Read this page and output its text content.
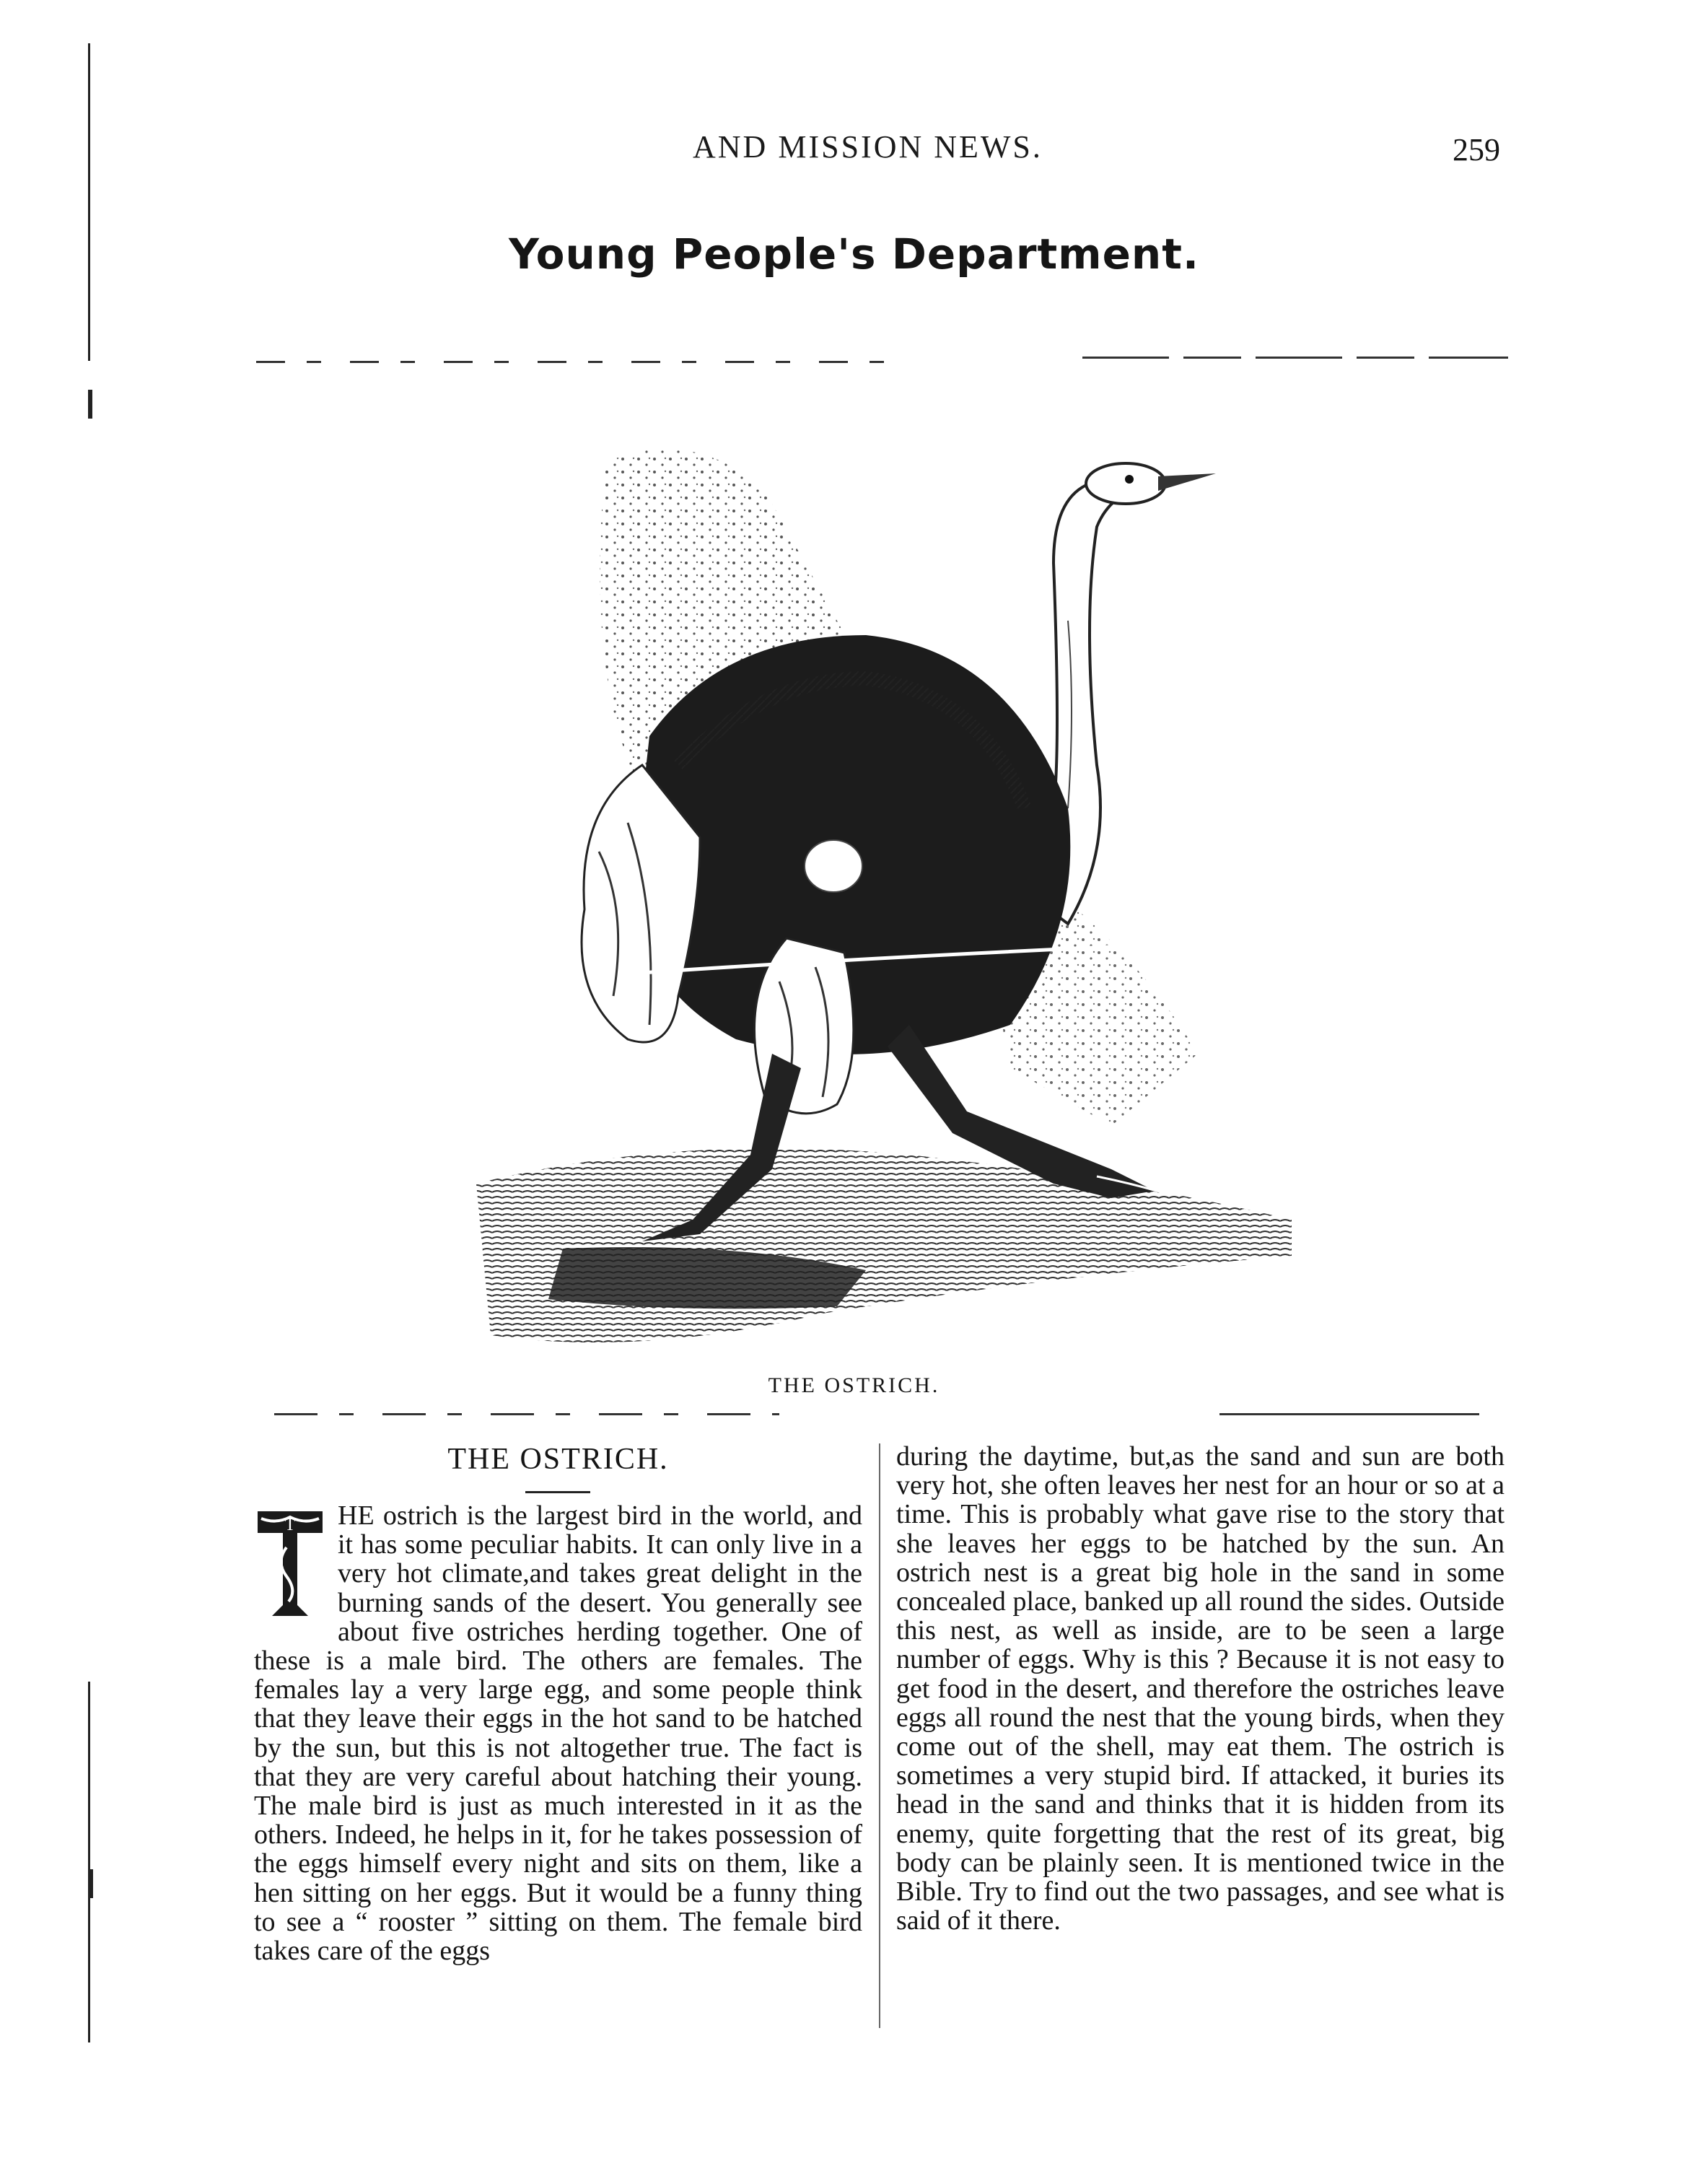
AND MISSION NEWS.	259
Young People's Department.
THE OSTRICH.
THE OSTRICH.
T	HE ostrich is the largest bird in the world, and it has some peculiar habits. It can only live in a very hot climate,and takes great delight in the burning sands of the desert. You generally see about five ostriches herding together. One of these is a male bird. The others are females. The females lay a very large egg, and some people think that they leave their eggs in the hot sand to be hatched by the sun, but this is not altogether true. The fact is that they are very careful about hatching their young. The male bird is just as much interested in it as the others. Indeed, he helps in it, for he takes possession of the eggs himself every night and sits on them, like a hen sitting on her eggs. But it would be a funny thing to see a “ rooster ” sitting on them. The female bird takes care of the eggs

during the daytime, but,as the sand and sun are both very hot, she often leaves her nest for an hour or so at a time. This is probably what gave rise to the story that she leaves her eggs to be hatched by the sun. An ostrich nest is a great big hole in the sand in some concealed place, banked up all round the sides. Outside this nest, as well as inside, are to be seen a large number of eggs. Why is this ? Because it is not easy to get food in the desert, and therefore the ostriches leave eggs all round the nest that the young birds, when they come out of the shell, may eat them. The ostrich is sometimes a very stupid bird. If attacked, it buries its head in the sand and thinks that it is hidden from its enemy, quite forgetting that the rest of its great, big body can be plainly seen. It is mentioned twice in the Bible. Try to find out the two passages, and see what is said of it there.
